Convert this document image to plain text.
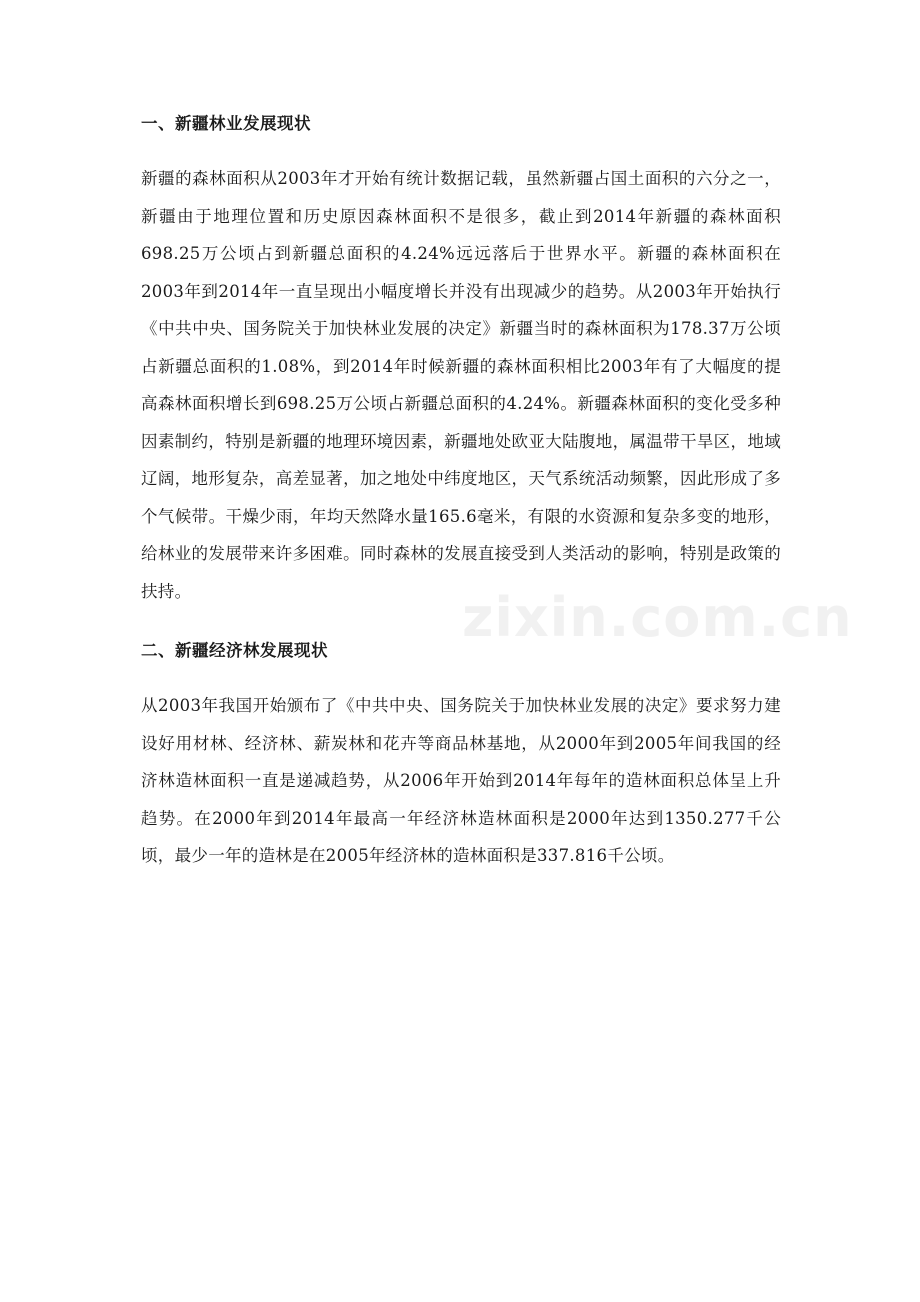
一、新疆林业发展现状

新疆的森林面积从2003年才开始有统计数据记载，虽然新疆占国土面积的六分之一，新疆由于地理位置和历史原因森林面积不是很多，截止到2014年新疆的森林面积698.25万公顷占到新疆总面积的4.24%远远落后于世界水平。新疆的森林面积在2003年到2014年一直呈现出小幅度增长并没有出现减少的趋势。从2003年开始执行《中共中央、国务院关于加快林业发展的决定》新疆当时的森林面积为178.37万公顷占新疆总面积的1.08%，到2014年时候新疆的森林面积相比2003年有了大幅度的提高森林面积增长到698.25万公顷占新疆总面积的4.24%。新疆森林面积的变化受多种因素制约，特别是新疆的地理环境因素，新疆地处欧亚大陆腹地，属温带干旱区，地域辽阔，地形复杂，高差显著，加之地处中纬度地区，天气系统活动频繁，因此形成了多个气候带。干燥少雨，年均天然降水量165.6毫米，有限的水资源和复杂多变的地形，给林业的发展带来许多困难。同时森林的发展直接受到人类活动的影响，特别是政策的扶持。

二、新疆经济林发展现状

从2003年我国开始颁布了《中共中央、国务院关于加快林业发展的决定》要求努力建设好用材林、经济林、薪炭林和花卉等商品林基地，从2000年到2005年间我国的经济林造林面积一直是递减趋势，从2006年开始到2014年每年的造林面积总体呈上升趋势。在2000年到2014年最高一年经济林造林面积是2000年达到1350.277千公顷，最少一年的造林是在2005年经济林的造林面积是337.816千公顷。

zixin.com.cn
